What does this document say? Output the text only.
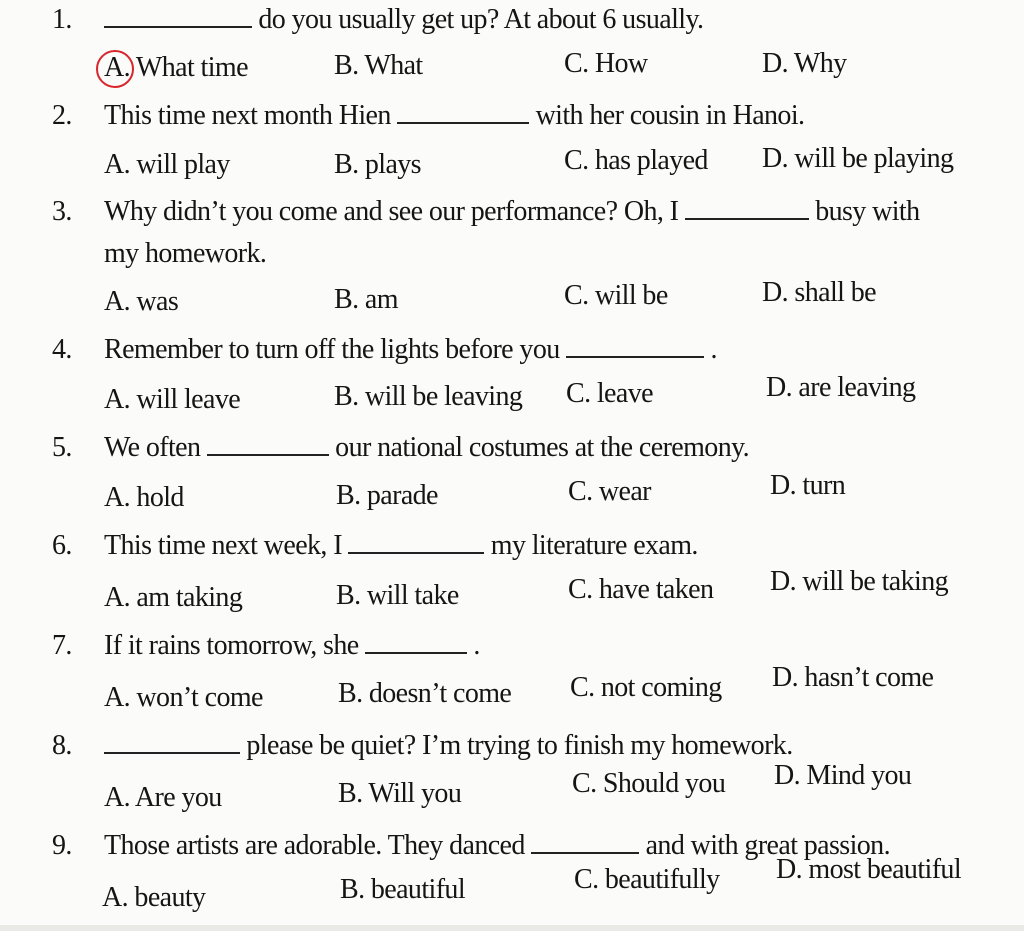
1.	do you usually get up? At about 6 usually.
A. What time	B. What	C. How	D. Why
2. This time next month Hien	with her cousin in Hanoi.
A. will play	B. plays	C. has played D. will be playing
3. Why didn’t you come and see our performance? Oh, I	busy with
my homework.
A. was	B. am	C. will be	D. shall be
4. Remember to turn off the lights before you	.
A. will leave	B. will be leaving C. leave	D. are leaving
5. We often	our national costumes at the ceremony.
A. hold	B. parade	C. wear	D. turn
6. This time next week, I	my literature exam.
A. am taking	B. will take	C. have taken D. will be taking
7. If it rains tomorrow, she	.
A. won’t come	B. doesn’t come C. not coming D. hasn’t come
8.	please be quiet? I’m trying to finish my homework.
A. Are you	B. Will you	C. Should you D. Mind you
9. Those artists are adorable. They danced	and with great passion.
A. beauty	B. beautiful	C. beautifully D. most beautiful
